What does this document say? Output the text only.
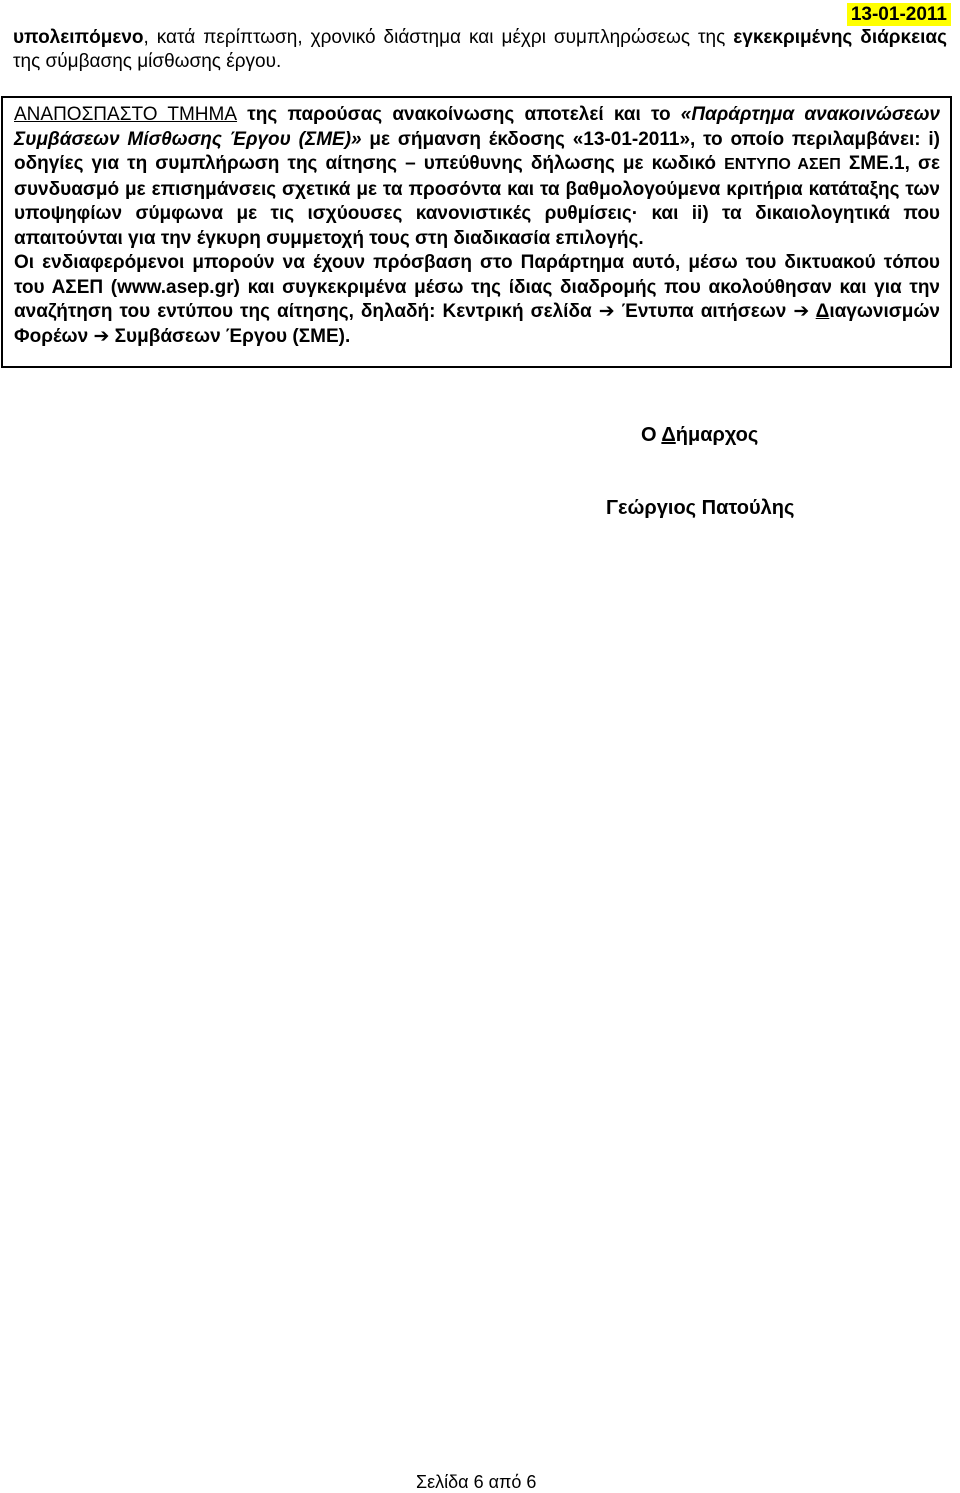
13-01-2011
υπολειπόμενο, κατά περίπτωση, χρονικό διάστημα και μέχρι συμπληρώσεως της εγκεκριμένης διάρκειας της σύμβασης μίσθωσης έργου.

ΑΝΑΠΟΣΠΑΣΤΟ ΤΜΗΜΑ της παρούσας ανακοίνωσης αποτελεί και το «Παράρτημα ανακοινώσεων Συμβάσεων Μίσθωσης Έργου (ΣΜΕ)» με σήμανση έκδοσης «13-01-2011», το οποίο περιλαμβάνει: i) οδηγίες για τη συμπλήρωση της αίτησης – υπεύθυνης δήλωσης με κωδικό ΕΝΤΥΠΟ ΑΣΕΠ ΣΜΕ.1, σε συνδυασμό με επισημάνσεις σχετικά με τα προσόντα και τα βαθμολογούμενα κριτήρια κατάταξης των υποψηφίων σύμφωνα με τις ισχύουσες κανονιστικές ρυθμίσεις· και ii) τα δικαιολογητικά που απαιτούνται για την έγκυρη συμμετοχή τους στη διαδικασία επιλογής.

Οι ενδιαφερόμενοι μπορούν να έχουν πρόσβαση στο Παράρτημα αυτό, μέσω του δικτυακού τόπου του ΑΣΕΠ (www.asep.gr) και συγκεκριμένα μέσω της ίδιας διαδρομής που ακολούθησαν και για την αναζήτηση του εντύπου της αίτησης, δηλαδή: Κεντρική σελίδα ➔ Έντυπα αιτήσεων ➔ Διαγωνισμών Φορέων ➔ Συμβάσεων Έργου (ΣΜΕ).

Ο Δήμαρχος
Γεώργιος Πατούλης
Σελίδα 6 από 6
